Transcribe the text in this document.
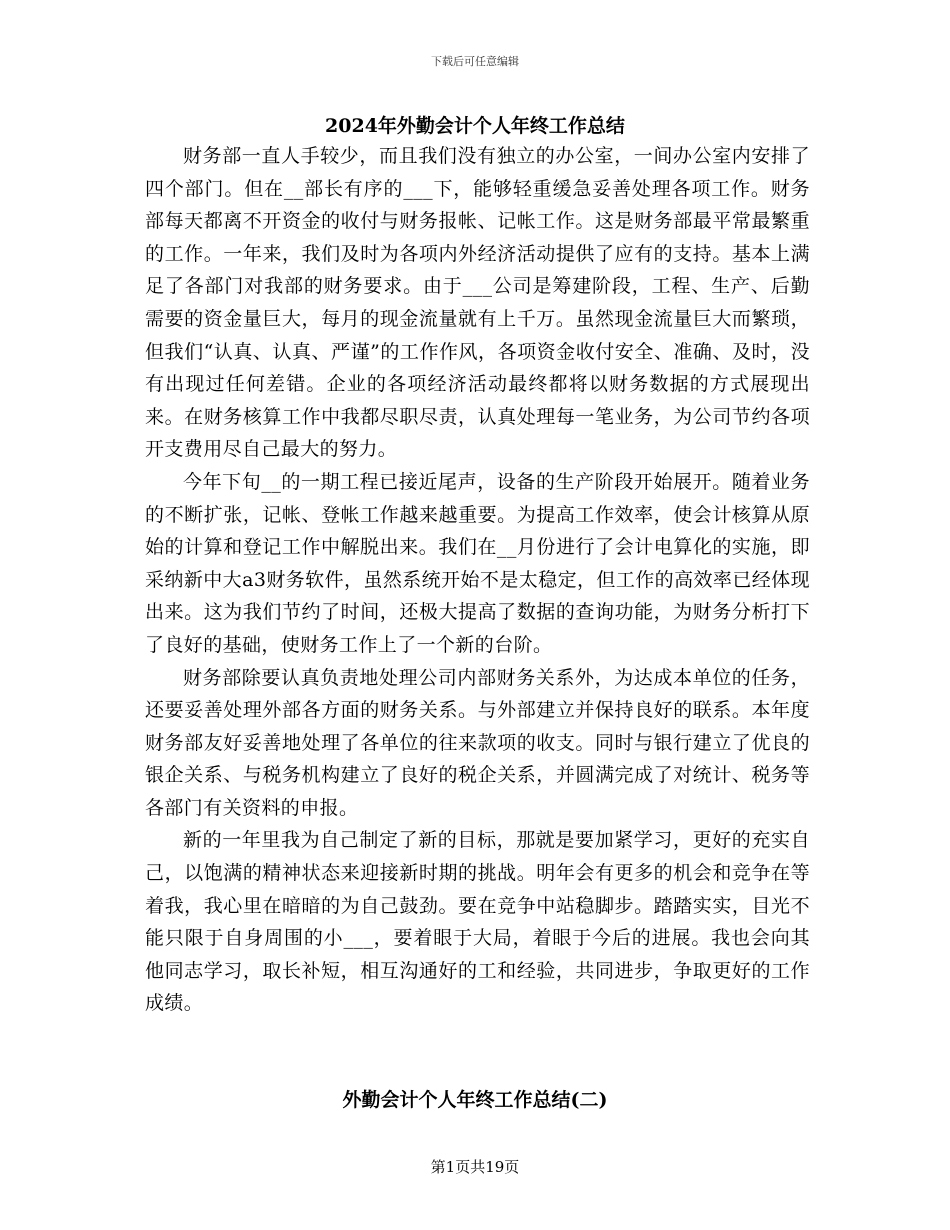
下载后可任意编辑
2024年外勤会计个人年终工作总结

财务部一直人手较少，而且我们没有独立的办公室，一间办公室内安排了四个部门。但在__部长有序的___下，能够轻重缓急妥善处理各项工作。财务部每天都离不开资金的收付与财务报帐、记帐工作。这是财务部最平常最繁重的工作。一年来，我们及时为各项内外经济活动提供了应有的支持。基本上满足了各部门对我部的财务要求。由于___公司是筹建阶段，工程、生产、后勤需要的资金量巨大，每月的现金流量就有上千万。虽然现金流量巨大而繁琐，但我们“认真、认真、严谨”的工作作风，各项资金收付安全、准确、及时，没有出现过任何差错。企业的各项经济活动最终都将以财务数据的方式展现出来。在财务核算工作中我都尽职尽责，认真处理每一笔业务，为公司节约各项开支费用尽自己最大的努力。

今年下旬__的一期工程已接近尾声，设备的生产阶段开始展开。随着业务的不断扩张，记帐、登帐工作越来越重要。为提高工作效率，使会计核算从原始的计算和登记工作中解脱出来。我们在__月份进行了会计电算化的实施，即采纳新中大a3财务软件，虽然系统开始不是太稳定，但工作的高效率已经体现出来。这为我们节约了时间，还极大提高了数据的查询功能，为财务分析打下了良好的基础，使财务工作上了一个新的台阶。

财务部除要认真负责地处理公司内部财务关系外，为达成本单位的任务，还要妥善处理外部各方面的财务关系。与外部建立并保持良好的联系。本年度财务部友好妥善地处理了各单位的往来款项的收支。同时与银行建立了优良的银企关系、与税务机构建立了良好的税企关系，并圆满完成了对统计、税务等各部门有关资料的申报。

新的一年里我为自己制定了新的目标，那就是要加紧学习，更好的充实自己，以饱满的精神状态来迎接新时期的挑战。明年会有更多的机会和竞争在等着我，我心里在暗暗的为自己鼓劲。要在竞争中站稳脚步。踏踏实实，目光不能只限于自身周围的小___，要着眼于大局，着眼于今后的进展。我也会向其他同志学习，取长补短，相互沟通好的工和经验，共同进步，争取更好的工作成绩。

外勤会计个人年终工作总结(二)
第1页共19页
